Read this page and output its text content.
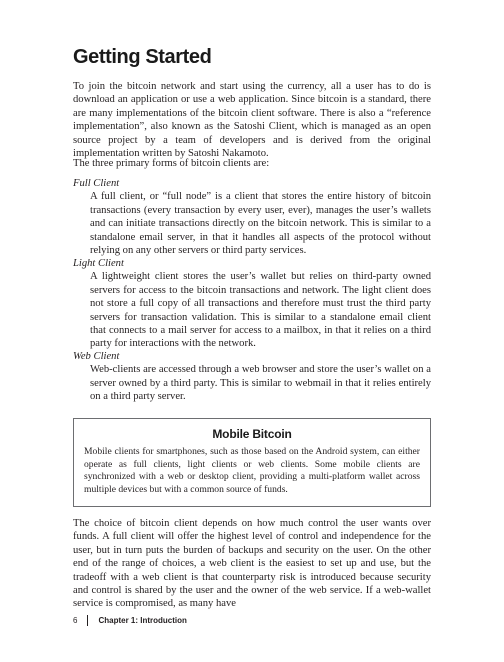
Getting Started

To join the bitcoin network and start using the currency, all a user has to do is download an application or use a web application. Since bitcoin is a standard, there are many implementations of the bitcoin client software. There is also a “reference implementation”, also known as the Satoshi Client, which is managed as an open source project by a team of developers and is derived from the original implementation written by Satoshi Nakamoto.

The three primary forms of bitcoin clients are:

Full Client

A full client, or “full node” is a client that stores the entire history of bitcoin transactions (every transaction by every user, ever), manages the user’s wallets and can initiate transactions directly on the bitcoin network. This is similar to a standalone email server, in that it handles all aspects of the protocol without relying on any other servers or third party services.

Light Client

A lightweight client stores the user’s wallet but relies on third-party owned servers for access to the bitcoin transactions and network. The light client does not store a full copy of all transactions and therefore must trust the third party servers for transaction validation. This is similar to a standalone email client that connects to a mail server for access to a mailbox, in that it relies on a third party for interactions with the network.

Web Client

Web-clients are accessed through a web browser and store the user’s wallet on a server owned by a third party. This is similar to webmail in that it relies entirely on a third party server.

Mobile Bitcoin

Mobile clients for smartphones, such as those based on the Android system, can either operate as full clients, light clients or web clients. Some mobile clients are synchronized with a web or desktop client, providing a multi-platform wallet across multiple devices but with a common source of funds.

The choice of bitcoin client depends on how much control the user wants over funds. A full client will offer the highest level of control and independence for the user, but in turn puts the burden of backups and security on the user. On the other end of the range of choices, a web client is the easiest to set up and use, but the tradeoff with a web client is that counterparty risk is introduced because security and control is shared by the user and the owner of the web service. If a web-wallet service is compromised, as many have

6	Chapter 1: Introduction
